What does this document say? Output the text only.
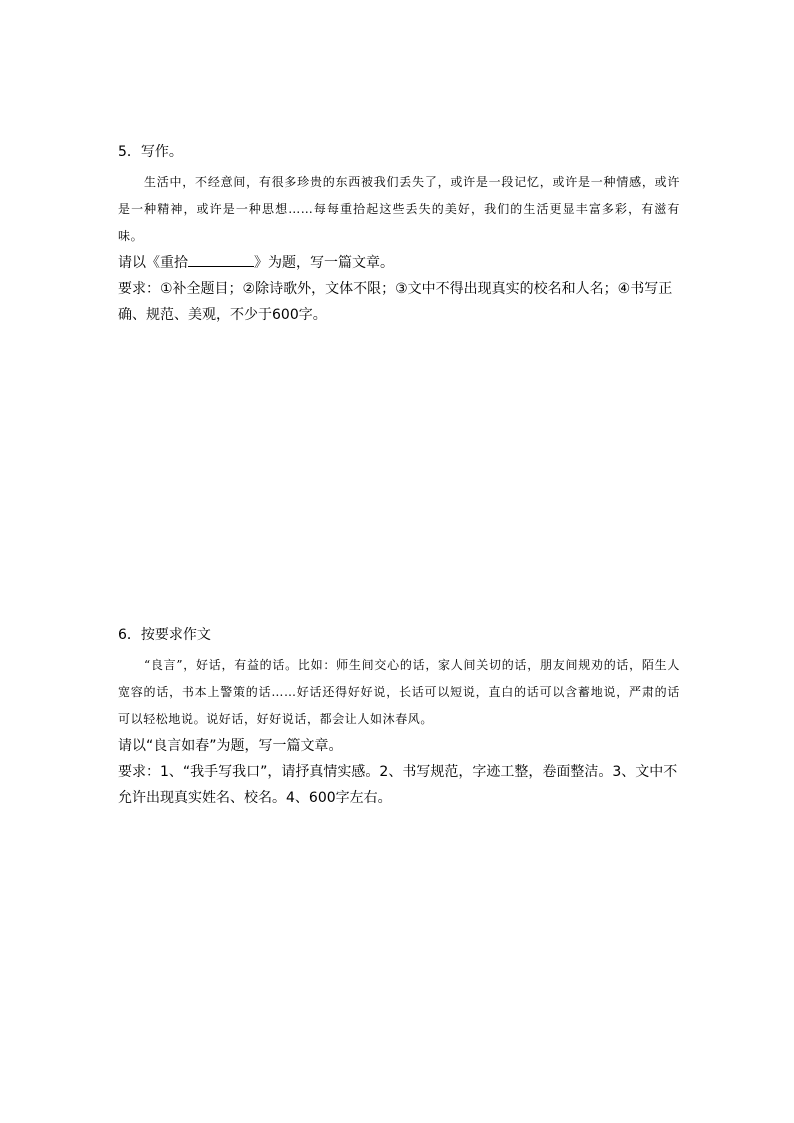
5．写作。

生活中，不经意间，有很多珍贵的东西被我们丢失了，或许是一段记忆，或许是一种情感，或许是一种精神，或许是一种思想……每每重拾起这些丢失的美好，我们的生活更显丰富多彩，有滋有味。

请以《重拾	》为题，写一篇文章。

要求：①补全题目；②除诗歌外，文体不限；③文中不得出现真实的校名和人名；④书写正确、规范、美观，不少于600字。

6．按要求作文

“良言”，好话，有益的话。比如：师生间交心的话，家人间关切的话，朋友间规劝的话，陌生人宽容的话，书本上警策的话……好话还得好好说，长话可以短说，直白的话可以含蓄地说，严肃的话可以轻松地说。说好话，好好说话，都会让人如沐春风。

请以“良言如春”为题，写一篇文章。

要求：1、“我手写我口”，请抒真情实感。2、书写规范，字迹工整，卷面整洁。3、文中不允许出现真实姓名、校名。4、600字左右。
